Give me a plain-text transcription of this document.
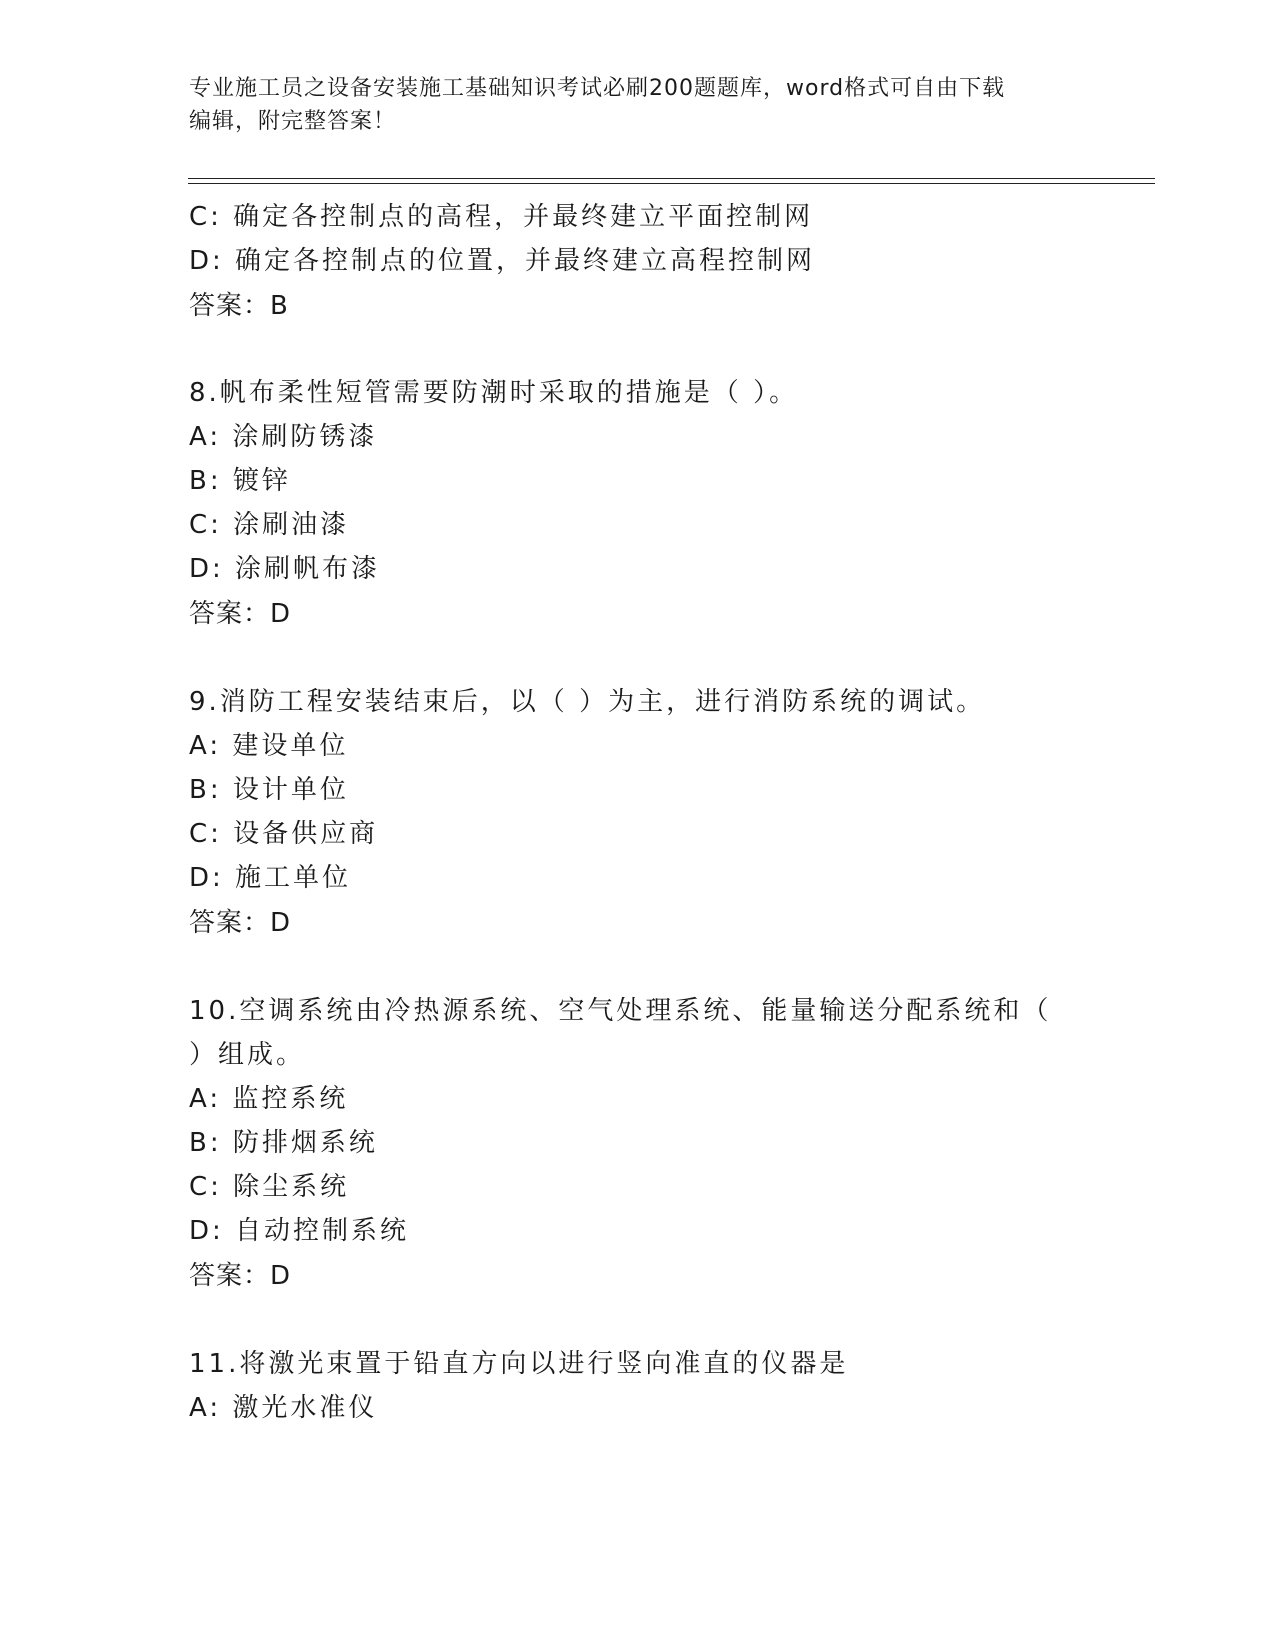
专业施工员之设备安装施工基础知识考试必刷200题题库，word格式可自由下载
编辑，附完整答案！
C: 确定各控制点的高程，并最终建立平面控制网
D: 确定各控制点的位置，并最终建立高程控制网
答案：B
8.帆布柔性短管需要防潮时采取的措施是（ ）。
A: 涂刷防锈漆
B: 镀锌
C: 涂刷油漆
D: 涂刷帆布漆
答案：D
9.消防工程安装结束后，以（ ）为主，进行消防系统的调试。
A: 建设单位
B: 设计单位
C: 设备供应商
D: 施工单位
答案：D
10.空调系统由冷热源系统、空气处理系统、能量输送分配系统和（
）组成。
A: 监控系统
B: 防排烟系统
C: 除尘系统
D: 自动控制系统
答案：D
11.将激光束置于铅直方向以进行竖向准直的仪器是
A: 激光水准仪
